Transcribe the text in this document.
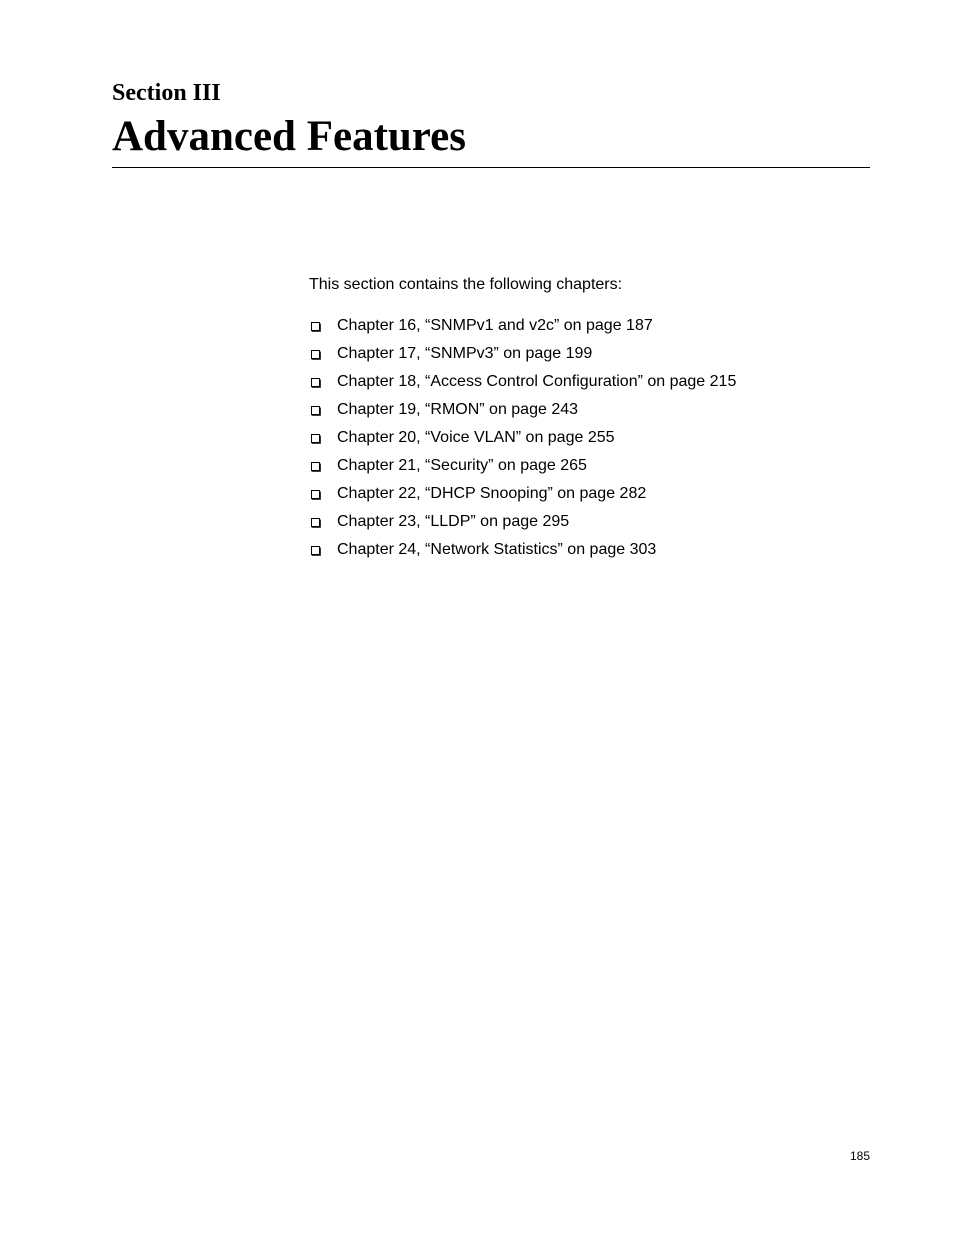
Section III
Advanced Features
This section contains the following chapters:
Chapter 16, “SNMPv1 and v2c” on page 187
Chapter 17, “SNMPv3” on page 199
Chapter 18, “Access Control Configuration” on page 215
Chapter 19, “RMON” on page 243
Chapter 20, “Voice VLAN” on page 255
Chapter 21, “Security” on page 265
Chapter 22, “DHCP Snooping” on page 282
Chapter 23, “LLDP” on page 295
Chapter 24, “Network Statistics” on page 303
185
